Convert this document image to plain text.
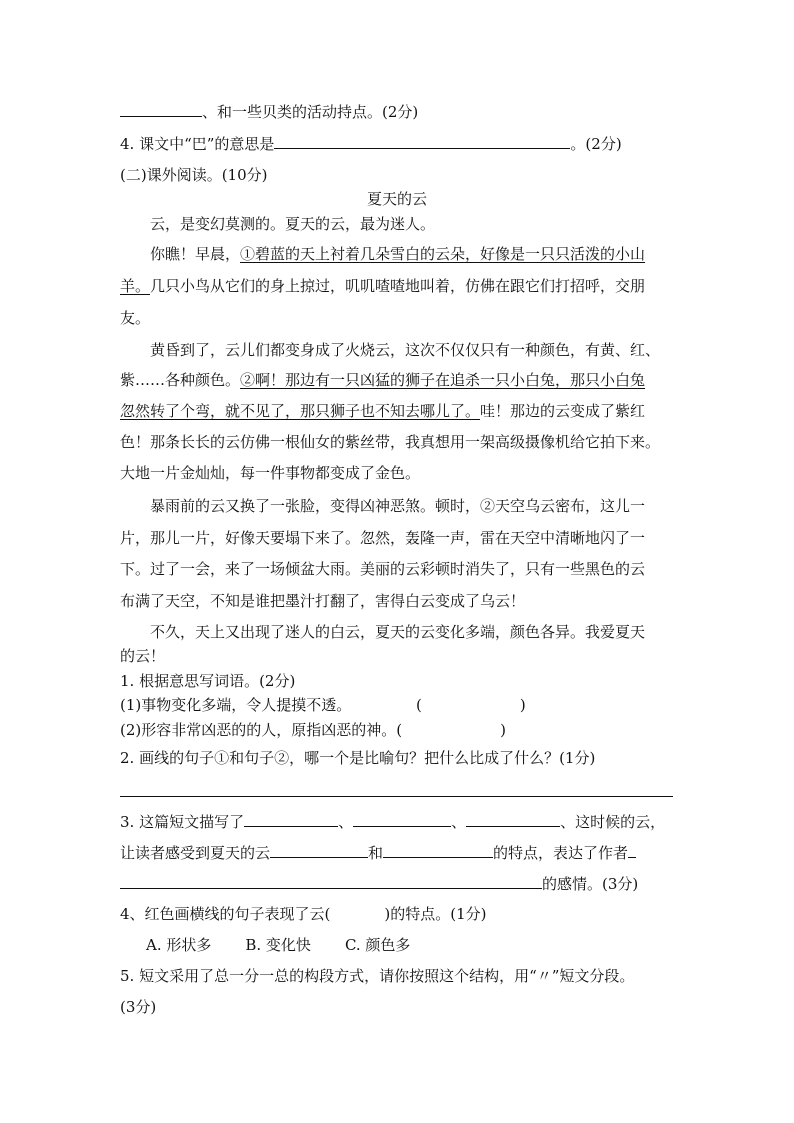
、和一些贝类的活动持点。(2分)
4. 课文中“巴”的意思是	。(2分)
(二)课外阅读。(10分)
夏天的云
云，是变幻莫测的。夏天的云，最为迷人。
你瞧！早晨，①碧蓝的天上衬着几朵雪白的云朵，好像是一只只活泼的小山
羊。几只小鸟从它们的身上掠过，叽叽喳喳地叫着，仿佛在跟它们打招呼，交朋
友。
黄昏到了，云儿们都变身成了火烧云，这次不仅仅只有一种颜色，有黄、红、
紫……各种颜色。②啊！那边有一只凶猛的狮子在追杀一只小白兔，那只小白兔
忽然转了个弯，就不见了，那只狮子也不知去哪儿了。哇！那边的云变成了紫红
色！那条长长的云仿佛一根仙女的紫丝带，我真想用一架高级摄像机给它拍下来。
大地一片金灿灿，每一件事物都变成了金色。
暴雨前的云又换了一张脸，变得凶神恶煞。顿时，②天空乌云密布，这儿一
片，那儿一片，好像天要塌下来了。忽然，轰隆一声，雷在天空中清晰地闪了一
下。过了一会，来了一场倾盆大雨。美丽的云彩顿时消失了，只有一些黑色的云
布满了天空，不知是谁把墨汁打翻了，害得白云变成了乌云！
不久，天上又出现了迷人的白云，夏天的云变化多端，颜色各异。我爱夏天
的云！
1. 根据意思写词语。(2分)
(1)事物变化多端，令人提摸不透。	(	)
(2)形容非常凶恶的的人，原指凶恶的神。(	)
2. 画线的句子①和句子②，哪一个是比喻句？把什么比成了什么？(1分)
3. 这篇短文描写了	、	、	、这时候的云，
让读者感受到夏天的云	和	的特点，表达了作者
的感情。(3分)
4、红色画横线的句子表现了云(	)的特点。(1分)
A. 形状多 B. 变化快 C. 颜色多
5. 短文采用了总一分一总的构段方式，请你按照这个结构，用“〃”短文分段。
(3分)
